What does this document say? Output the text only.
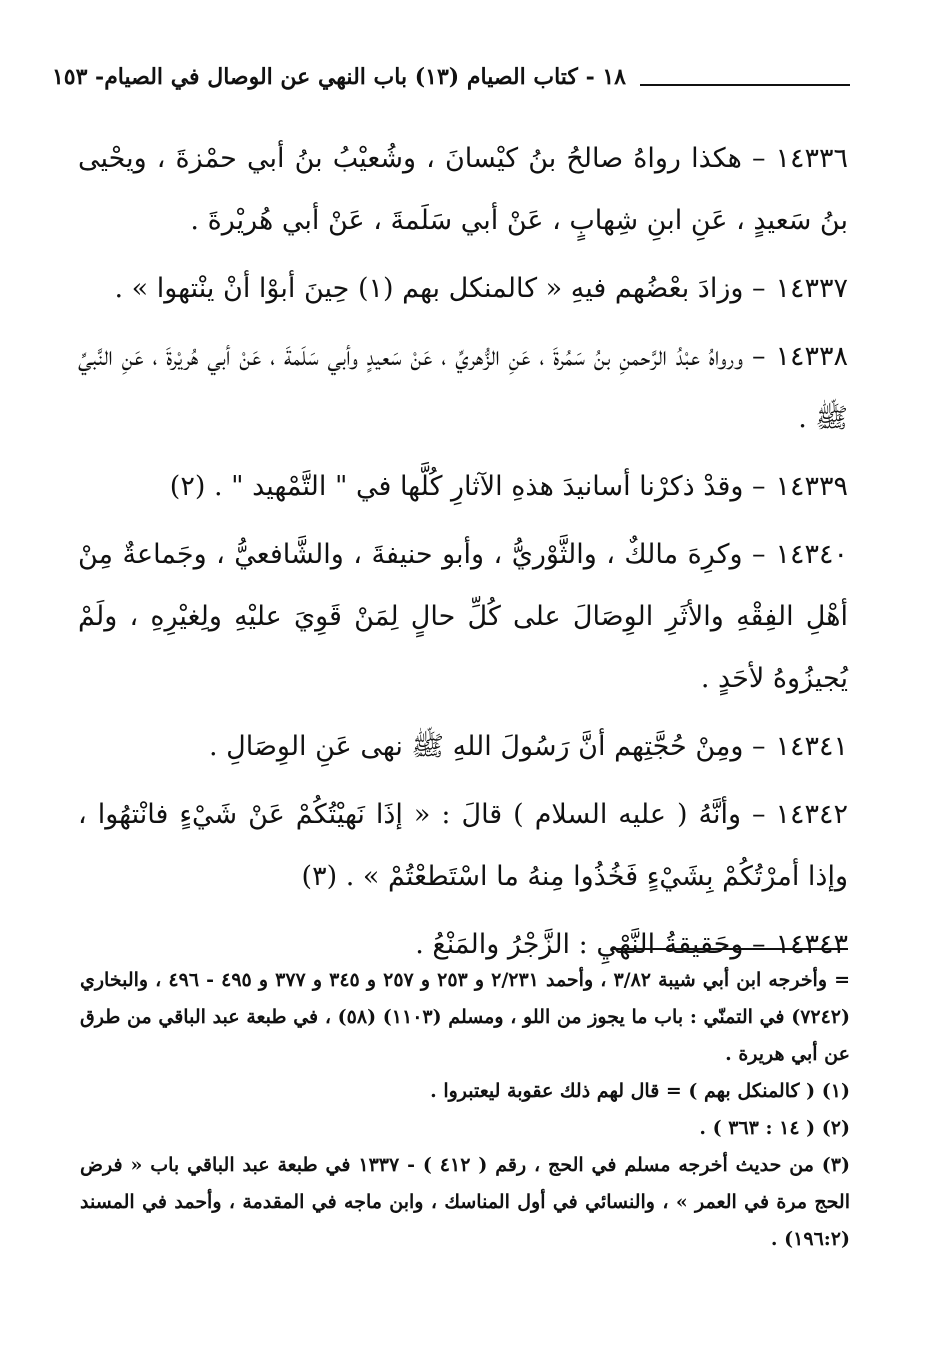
١٨ - كتاب الصيام (١٣) باب النهي عن الوصال في الصيام
- ١٥٣

١٤٣٣٦– هكذا رواهُ صالحُ بنُ كيْسانَ ، وشُعيْبُ بنُ أبي حمْزةَ ، ويحْيى بنُ سَعيدٍ ، عَنِ ابنِ شِهابٍ ، عَنْ أبي سَلَمةَ ، عَنْ أبي هُريْرةَ .

١٤٣٣٧– وزادَ بعْضُهم فيهِ « كالمنكل بهم (١) حِينَ أبوْا أنْ ينْتهوا » .

١٤٣٣٨– ورواهُ عبْدُ الرَّحمنِ بنُ سَمُرةَ ، عَنِ الزُّهريِّ ، عَنْ سَعيدٍ وأبي سَلَمةَ ، عَنْ أبي هُريْرةَ ، عَنِ النَّبيِّ ﷺ .

١٤٣٣٩– وقدْ ذكرْنا أسانيدَ هذهِ الآثارِ كُلَّها في " التَّمْهيد " . (٢)

١٤٣٤٠– وكرِهَ مالكٌ ، والثَّوْريُّ ، وأبو حنيفةَ ، والشَّافعيُّ ، وجَماعةٌ مِنْ أهْلِ الفِقْهِ والأثَرِ الوِصَالَ على كُلِّ حالٍ لِمَنْ قَوِيَ عليْهِ ولِغيْرِهِ ، ولَمْ يُجيزُوهُ لأحَدٍ .

١٤٣٤١– ومِنْ حُجَّتِهم أنَّ رَسُولَ اللهِ ﷺ نهى عَنِ الوِصَالِ .

١٤٣٤٢– وأنَّهُ ( عليه السلام ) قالَ : « إذَا نَهيْتُكُمْ عَنْ شَيْءٍ فانْتهُوا ، وإذا أمرْتُكُمْ بِشَيْءٍ فَخُذُوا مِنهُ ما اسْتَطعْتُمْ » . (٣)

١٤٣٤٣– وحَقيقةُ النَّهْيِ : الزَّجْرُ والمَنْعُ .

= وأخرجه ابن أبي شيبة ٣/٨٢ ، وأحمد ٢/٢٣١ و ٢٥٣ و ٢٥٧ و ٣٤٥ و ٣٧٧ و ٤٩٥ - ٤٩٦ ، والبخاري (٧٢٤٢) في التمنّي : باب ما يجوز من اللو ، ومسلم (١١٠٣) (٥٨) ، في طبعة عبد الباقي من طرق عن أبي هريرة .

(١) ( كالمنكل بهم ) = قال لهم ذلك عقوبة ليعتبروا .

(٢) ( ١٤ : ٣٦٣ ) .

(٣) من حديث أخرجه مسلم في الحج ، رقم ( ٤١٢ ) - ١٣٣٧ في طبعة عبد الباقي باب « فرض الحج مرة في العمر » ، والنسائي في أول المناسك ، وابن ماجه في المقدمة ، وأحمد في المسند (١٩٦:٢) .
